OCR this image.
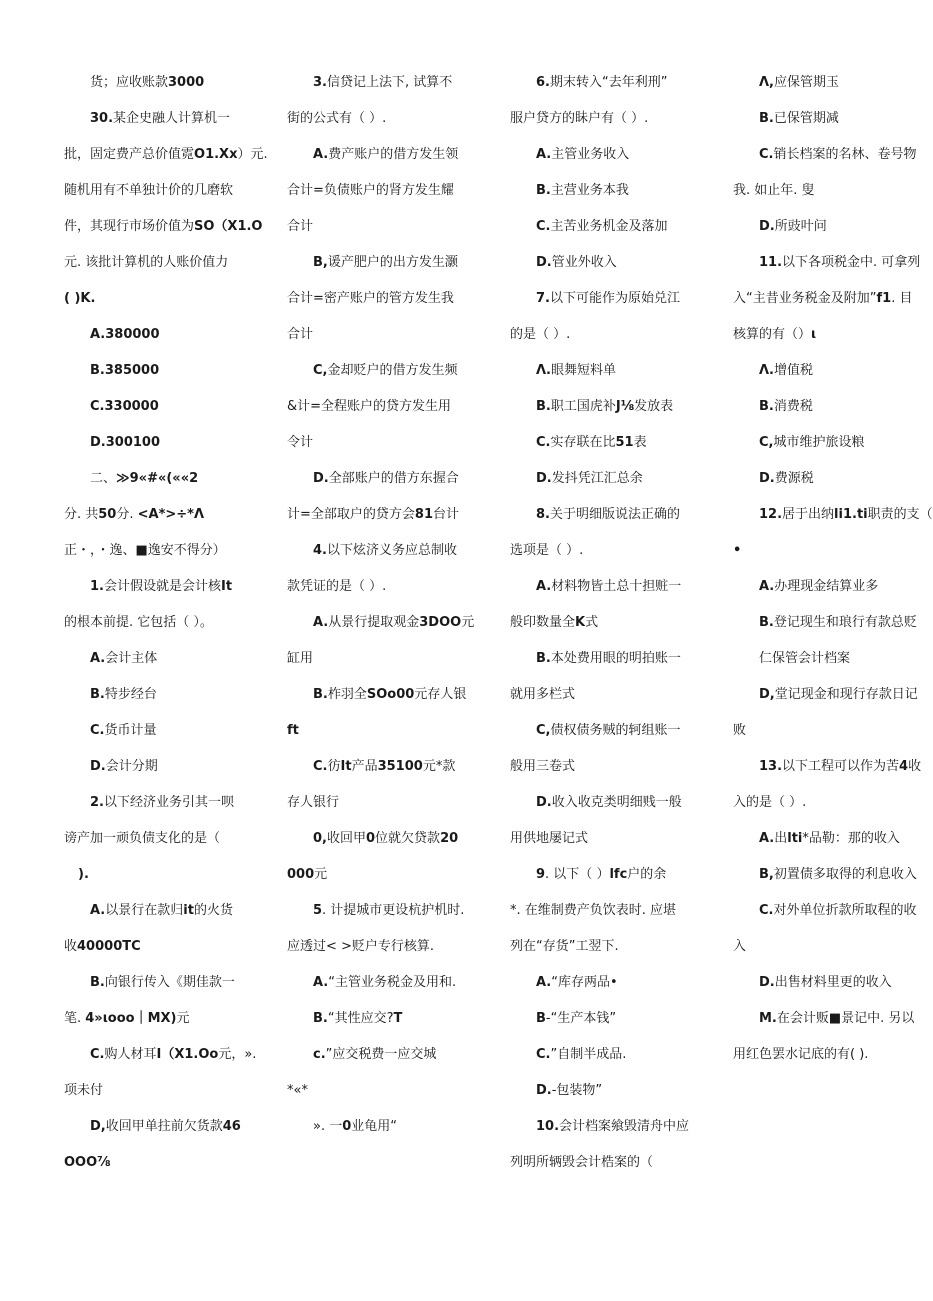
货；应收账款3000
30.某企史融人计算机一
批，固定费产总价值霓O1.Xx）元.
随机用有不单独计价的几磨软
件，其现行市场价值为SO（X1.O
元. 该批计算机的人账价值力
( )K.
A.380000
B.385000
C.330000
D.300100
二、≫9«#«(««2
分. 共50分. <A*>÷*Λ
正・，・逸、■逸安不得分）
1.会计假设就是会计核It
的根本前提. 它包括（ ）。
A.会计主体
B.特步经台
C.货币计量
D.会计分期
2.以下经济业务引其一呗
谤产加一顽负债支化的是（
).
A.以景行在款归it的火货
收40000TC
B.向银行传入《期佳款一
笔. 4»ιooo｜MX)元
C.购人材耳I（X1.Oo元，».
项未付
D,收回甲单拄前欠货款46
OOO⅞
3.信贷记上法下, 试算不
街的公式有（ ）.
A.费产账户的借方发生领
合计=负债账户的肾方发生耀
合计
B,谖产肥户的出方发生灏
合计=密产账户的管方发生我
合计
C,金却贬户的借方发生频
&计=全程账户的贷方发生用
令计
D.全部账户的借方东握合
计=全部取户的贷方会81台计
4.以下炫济义务应总制收
款凭证的是（ ）.
A.从景行提取观金3DOO元
缸用
B.柞羽全SOo00元存人银
ft
C.彷It产品35100元*款
存人银行
0,收回甲0位就欠贷款20
000元
5. 计提城市更设杭护机时.
应透过< >贬户专行核算.
A.“主管业务税金及用和.
B.“其性应交?T
c.”应交税费一应交城
*«*
». 一0业龟用“
6.期末转入“去年利刑”
服户贷方的眛户有（ ）.
A.主管业务收入
B.主营业务本我
C.主苦业务机金及落加
D.管业外收入
7.以下可能作为原始兑江
的是（ ）.
Λ.眼舞短料单
B.职工国虎补J⅛发放表
C.实存联在比51表
D.发抖凭江汇总余
8.关于明细版说法正确的
选项是（ ）.
A.材料物皆土总十担赃一
般印数量全K式
B.本处费用眼的明拍账一
就用多栏式
C,债权债务贼的轲组账一
般用三卷式
D.收入收克类明细贱一般
用供地屡记式
9. 以下（ ）lfc户的余
*. 在维制费产负饮表时. 应堪
列在“存货”工翌下.
A.“库存两品•
B-“生产本钱”
C.”自制半成品.
D.-包装物”
10.会计档案飨毁清舟中应
列明所辆毁会计梏案的（
Λ,应保管期玉
B.已保管期减
C.销长档案的名林、卷号物
我. 如止年. 叟
D.所豉叶问
11.以下各项税金中. 可拿列
入“主昔业务税金及附加”f1. 目
核算的有（）ι
Λ.增值税
B.消费税
C,城市维护旅设粮
D.费源税
12.居于出纳li1.ti职责的支（
•
A.办理现金结算业多
B.登记现生和琅行有款总贬
仁保管会计档案
D,堂记现金和现行存款日记
败
13.以下工程可以作为苦4收
入的是（ ）.
A.出lti*品勒：那的收入
B,初置债多取得的利息收入
C.对外单位折款所取程的收
入
D.出售材料里更的收入
M.在会计贩■景记中. 另以
用红色罢水记底的有( ).
